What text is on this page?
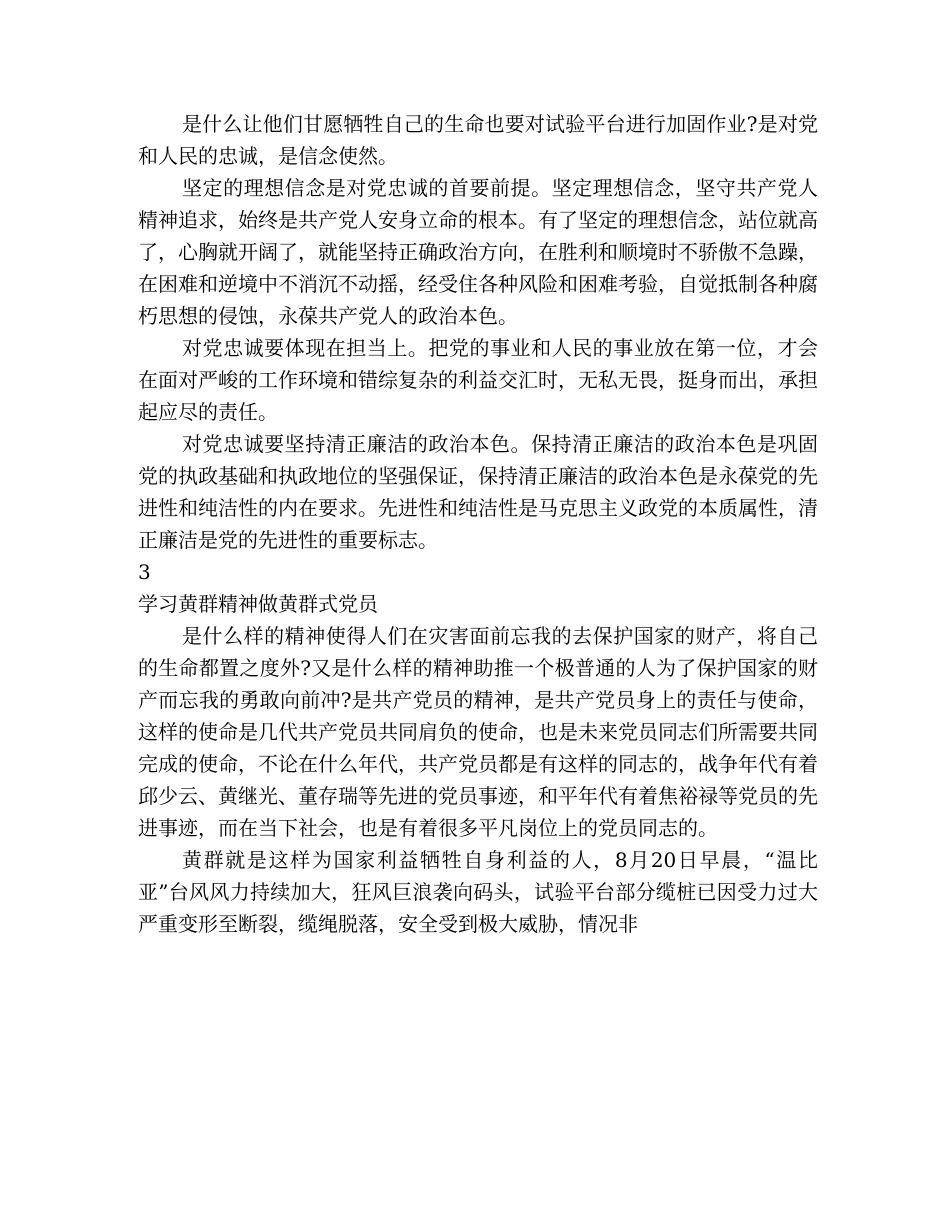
是什么让他们甘愿牺牲自己的生命也要对试验平台进行加固作业?是对党和人民的忠诚，是信念使然。

坚定的理想信念是对党忠诚的首要前提。坚定理想信念，坚守共产党人精神追求，始终是共产党人安身立命的根本。有了坚定的理想信念，站位就高了，心胸就开阔了，就能坚持正确政治方向，在胜利和顺境时不骄傲不急躁，在困难和逆境中不消沉不动摇，经受住各种风险和困难考验，自觉抵制各种腐朽思想的侵蚀，永葆共产党人的政治本色。

对党忠诚要体现在担当上。把党的事业和人民的事业放在第一位，才会在面对严峻的工作环境和错综复杂的利益交汇时，无私无畏，挺身而出，承担起应尽的责任。

对党忠诚要坚持清正廉洁的政治本色。保持清正廉洁的政治本色是巩固党的执政基础和执政地位的坚强保证，保持清正廉洁的政治本色是永葆党的先进性和纯洁性的内在要求。先进性和纯洁性是马克思主义政党的本质属性，清正廉洁是党的先进性的重要标志。

3

学习黄群精神做黄群式党员

是什么样的精神使得人们在灾害面前忘我的去保护国家的财产，将自己的生命都置之度外?又是什么样的精神助推一个极普通的人为了保护国家的财产而忘我的勇敢向前冲?是共产党员的精神，是共产党员身上的责任与使命，这样的使命是几代共产党员共同肩负的使命，也是未来党员同志们所需要共同完成的使命，不论在什么年代，共产党员都是有这样的同志的，战争年代有着邱少云、黄继光、董存瑞等先进的党员事迹，和平年代有着焦裕禄等党员的先进事迹，而在当下社会，也是有着很多平凡岗位上的党员同志的。

黄群就是这样为国家利益牺牲自身利益的人，8月20日早晨，“温比亚”台风风力持续加大，狂风巨浪袭向码头，试验平台部分缆桩已因受力过大严重变形至断裂，缆绳脱落，安全受到极大威胁，情况非
